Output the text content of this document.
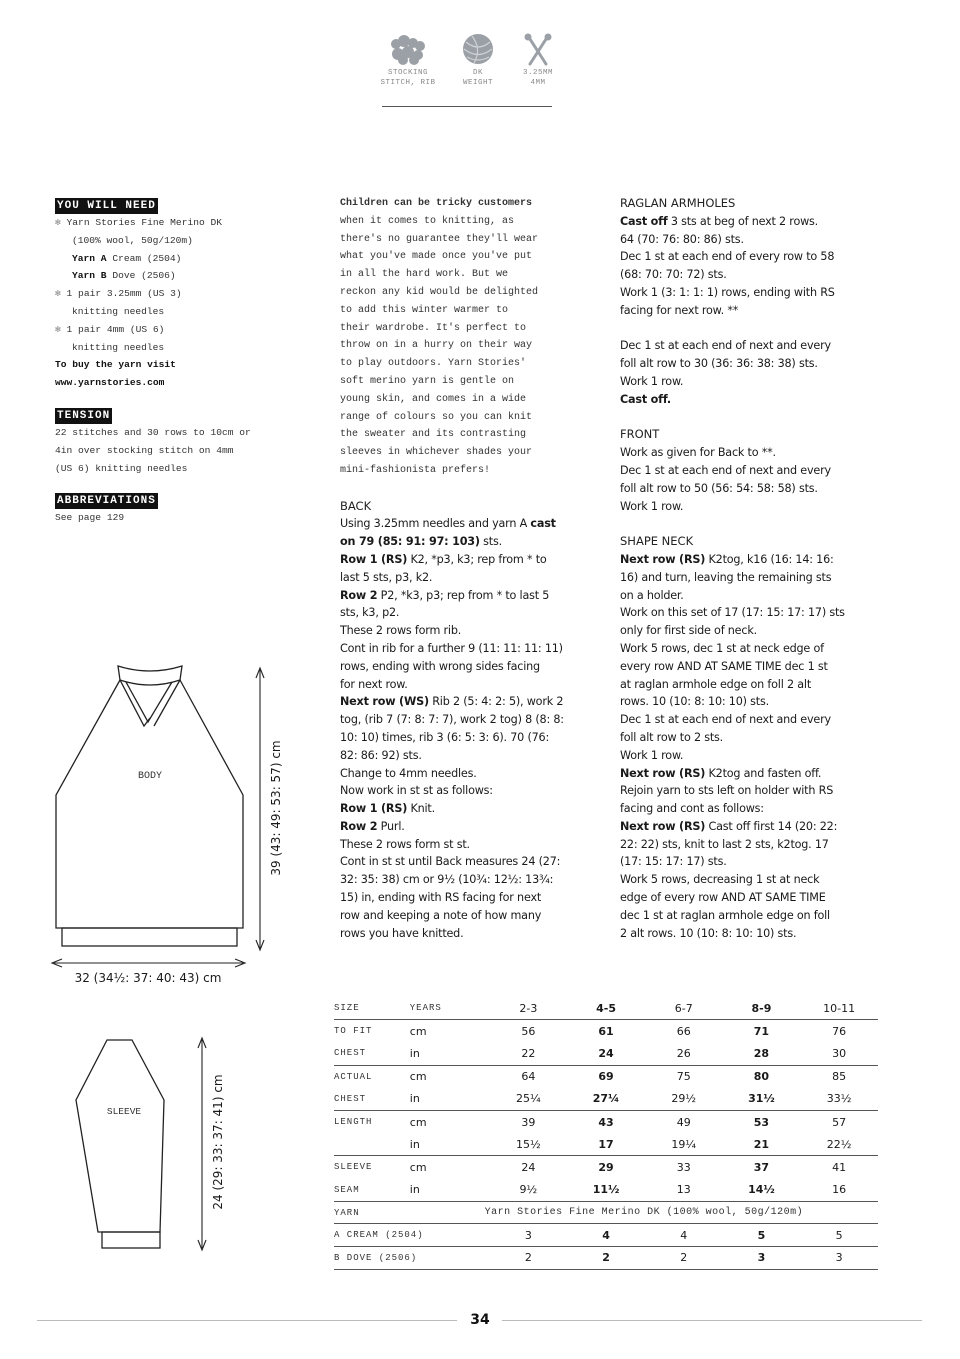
STOCKING
STITCH, RIB
DK
WEIGHT
3.25MM
4MM
YOU WILL NEED
✻ Yarn Stories Fine Merino DK
(100% wool, 50g/120m)
Yarn A Cream (2504)
Yarn B Dove (2506)
✻ 1 pair 3.25mm (US 3)
knitting needles
✻ 1 pair 4mm (US 6)
knitting needles
To buy the yarn visit
www.yarnstories.com
TENSION
22 stitches and 30 rows to 10cm or
4in over stocking stitch on 4mm
(US 6) knitting needles
ABBREVIATIONS
See page 129
Children can be tricky customers
when it comes to knitting, as
there's no guarantee they'll wear
what you've made once you've put
in all the hard work. But we
reckon any kid would be delighted
to add this winter warmer to
their wardrobe. It's perfect to
throw on in a hurry on their way
to play outdoors. Yarn Stories'
soft merino yarn is gentle on
young skin, and comes in a wide
range of colours so you can knit
the sweater and its contrasting
sleeves in whichever shades your
mini-fashionista prefers!
BACK
Using 3.25mm needles and yarn A cast
on 79 (85: 91: 97: 103) sts.
Row 1 (RS) K2, *p3, k3; rep from * to
last 5 sts, p3, k2.
Row 2 P2, *k3, p3; rep from * to last 5
sts, k3, p2.
These 2 rows form rib.
Cont in rib for a further 9 (11: 11: 11: 11)
rows, ending with wrong sides facing
for next row.
Next row (WS) Rib 2 (5: 4: 2: 5), work 2
tog, (rib 7 (7: 8: 7: 7), work 2 tog) 8 (8: 8:
10: 10) times, rib 3 (6: 5: 3: 6). 70 (76:
82: 86: 92) sts.
Change to 4mm needles.
Now work in st st as follows:
Row 1 (RS) Knit.
Row 2 Purl.
These 2 rows form st st.
Cont in st st until Back measures 24 (27:
32: 35: 38) cm or 9½ (10¾: 12½: 13¾:
15) in, ending with RS facing for next
row and keeping a note of how many
rows you have knitted.
RAGLAN ARMHOLES
Cast off 3 sts at beg of next 2 rows.
64 (70: 76: 80: 86) sts.
Dec 1 st at each end of every row to 58
(68: 70: 70: 72) sts.
Work 1 (3: 1: 1: 1) rows, ending with RS
facing for next row. **

Dec 1 st at each end of next and every
foll alt row to 30 (36: 36: 38: 38) sts.
Work 1 row.
Cast off.

FRONT
Work as given for Back to **.
Dec 1 st at each end of next and every
foll alt row to 50 (56: 54: 58: 58) sts.
Work 1 row.

SHAPE NECK
Next row (RS) K2tog, k16 (16: 14: 16:
16) and turn, leaving the remaining sts
on a holder.
Work on this set of 17 (17: 15: 17: 17) sts
only for first side of neck.
Work 5 rows, dec 1 st at neck edge of
every row AND AT SAME TIME dec 1 st
at raglan armhole edge on foll 2 alt
rows. 10 (10: 8: 10: 10) sts.
Dec 1 st at each end of next and every
foll alt row to 2 sts.
Work 1 row.
Next row (RS) K2tog and fasten off.
Rejoin yarn to sts left on holder with RS
facing and cont as follows:
Next row (RS) Cast off first 14 (20: 22:
22: 22) sts, knit to last 2 sts, k2tog. 17
(17: 15: 17: 17) sts.
Work 5 rows, decreasing 1 st at neck
edge of every row AND AT SAME TIME
dec 1 st at raglan armhole edge on foll
2 alt rows. 10 (10: 8: 10: 10) sts.
BODY	39 (43: 49: 53: 57) cm
32 (34½: 37: 40: 43) cm
SLEEVE	24 (29: 33: 37: 41) cm
SIZE	YEARS	2-3	4-5	6-7	8-9	10-11
TO FIT	cm	56	61	66	71	76
CHEST	in	22	24	26	28	30
ACTUAL	cm	64	69	75	80	85
CHEST	in	25¼	27¼	29½	31½	33½
LENGTH	cm	39	43	49	53	57
	in	15½	17	19¼	21	22½
SLEEVE	cm	24	29	33	37	41
SEAM	in	9½	11½	13	14½	16
YARN	Yarn Stories Fine Merino DK (100% wool, 50g/120m)					
A CREAM (2504)		3	4	4	5	5
B DOVE (2506)		2	2	2	3	3
34
